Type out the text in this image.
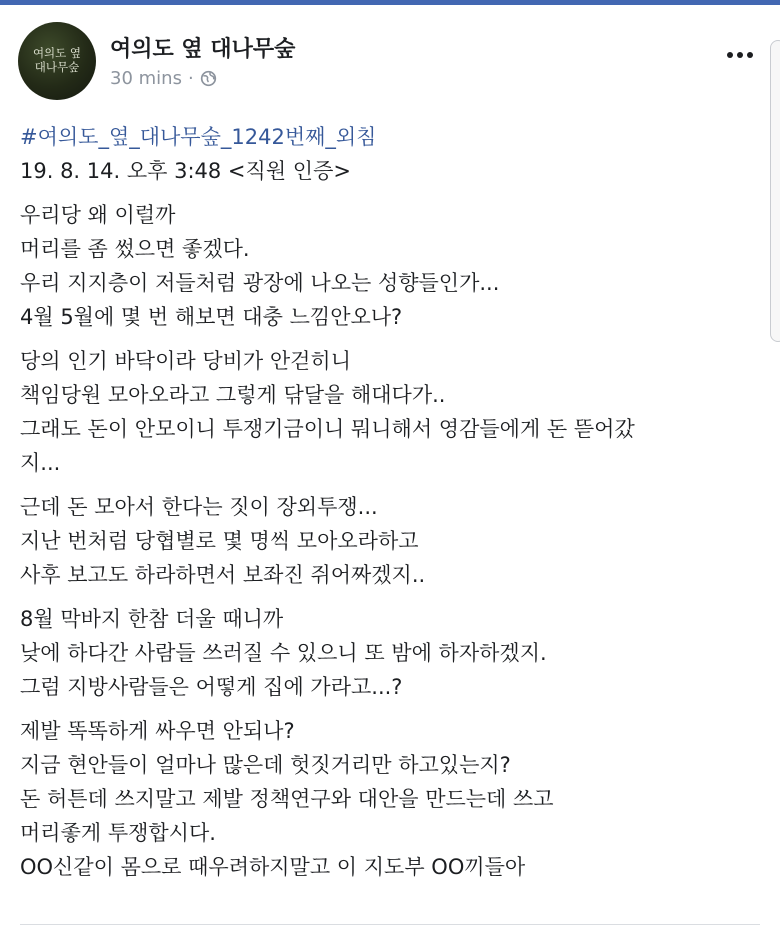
여의도 옆
대나무숲
여의도 옆 대나무숲
30 mins ·
#여의도_옆_대나무숲_1242번째_외침
19. 8. 14. 오후 3:48 <직원 인증>
우리당 왜 이럴까
머리를 좀 썼으면 좋겠다.
우리 지지층이 저들처럼 광장에 나오는 성향들인가...
4월 5월에 몇 번 해보면 대충 느낌안오나?
당의 인기 바닥이라 당비가 안걷히니
책임당원 모아오라고 그렇게 닦달을 해대다가..
그래도 돈이 안모이니 투쟁기금이니 뭐니해서 영감들에게 돈 뜯어갔
지...
근데 돈 모아서 한다는 짓이 장외투쟁...
지난 번처럼 당협별로 몇 명씩 모아오라하고
사후 보고도 하라하면서 보좌진 쥐어짜겠지..
8월 막바지 한참 더울 때니까
낮에 하다간 사람들 쓰러질 수 있으니 또 밤에 하자하겠지.
그럼 지방사람들은 어떻게 집에 가라고...?
제발 똑똑하게 싸우면 안되나?
지금 현안들이 얼마나 많은데 헛짓거리만 하고있는지?
돈 허튼데 쓰지말고 제발 정책연구와 대안을 만드는데 쓰고
머리좋게 투쟁합시다.
OO신같이 몸으로 때우려하지말고 이 지도부 OO끼들아
